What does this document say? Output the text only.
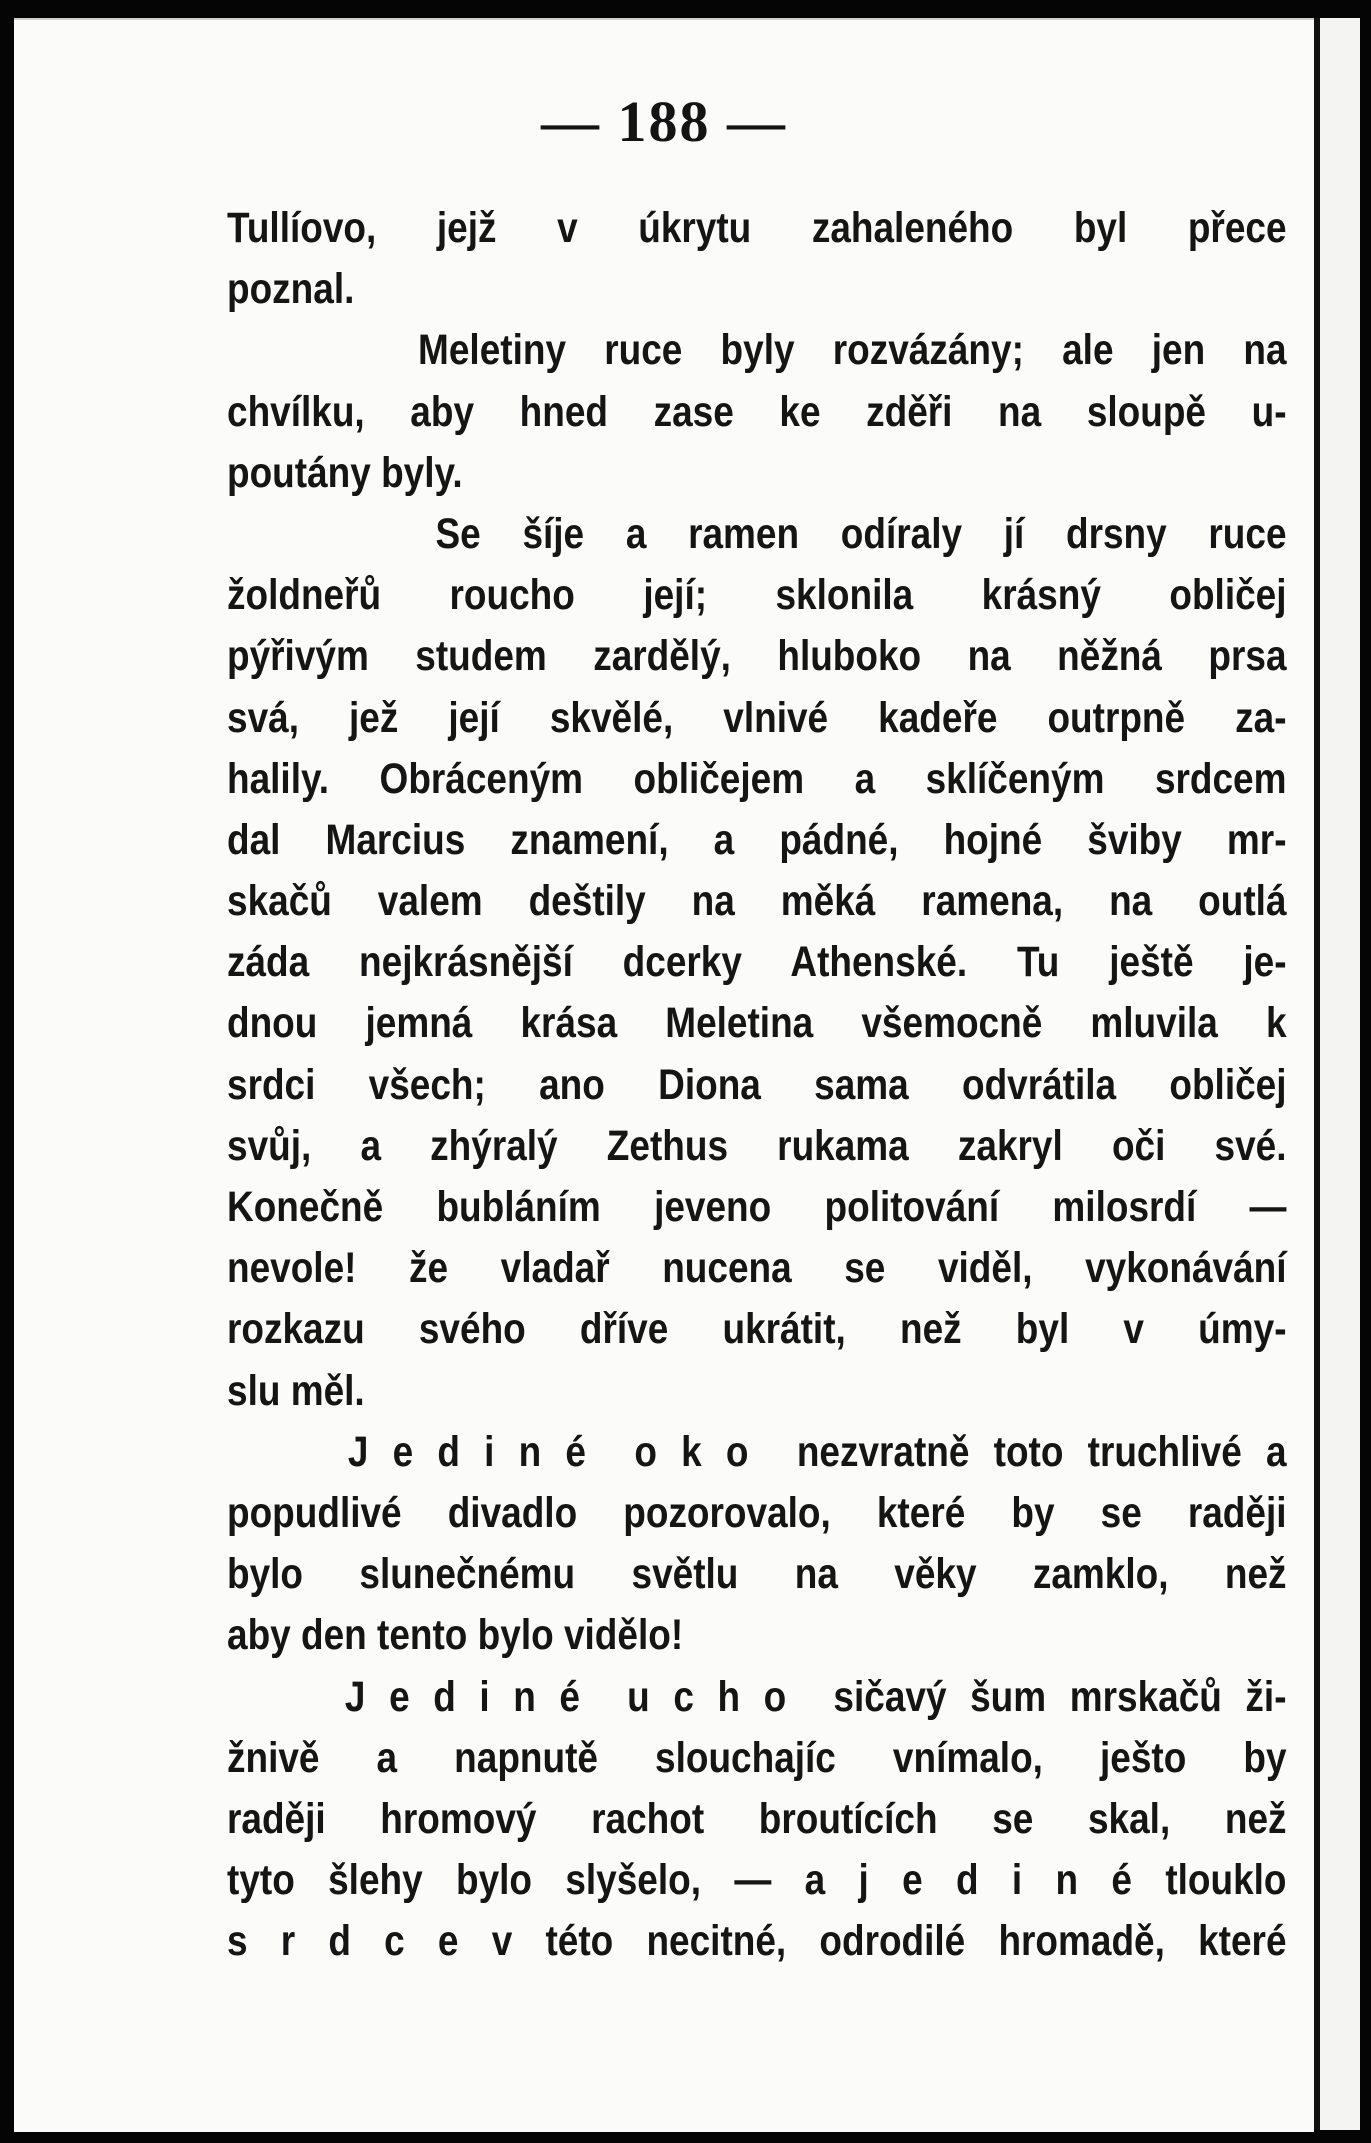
— 188 —
Tullíovo, jejž v úkrytu zahaleného byl přece
poznal.
Meletiny ruce byly rozvázány; ale jen na
chvílku, aby hned zase ke zděři na sloupě u-
poutány byly.
Se šíje a ramen odíraly jí drsny ruce
žoldneřů roucho její; sklonila krásný obličej
pýřivým studem zardělý, hluboko na něžná prsa
svá, jež její skvělé, vlnivé kadeře outrpně za-
halily. Obráceným obličejem a sklíčeným srdcem
dal Marcius znamení, a pádné, hojné šviby mr-
skačů valem deštily na měká ramena, na outlá
záda nejkrásnější dcerky Athenské. Tu ještě je-
dnou jemná krása Meletina všemocně mluvila k
srdci všech; ano Diona sama odvrátila obličej
svůj, a zhýralý Zethus rukama zakryl oči své.
Konečně bubláním jeveno politování milosrdí —
nevole! že vladař nucena se viděl, vykonávání
rozkazu svého dříve ukrátit, než byl v úmy-
slu měl.
J e d i n é  o k o  nezvratně toto truchlivé a
popudlivé divadlo pozorovalo, které by se raději
bylo slunečnému světlu na věky zamklo, než
aby den tento bylo vidělo!
J e d i n é  u c h o  sičavý šum mrskačů ži-
žnivě a napnutě slouchajíc vnímalo, ješto by
raději hromový rachot broutících se skal, než
tyto šlehy bylo slyšelo, — a j e d i n é tlouklo
s r d c e v této necitné, odrodilé hromadě, které
